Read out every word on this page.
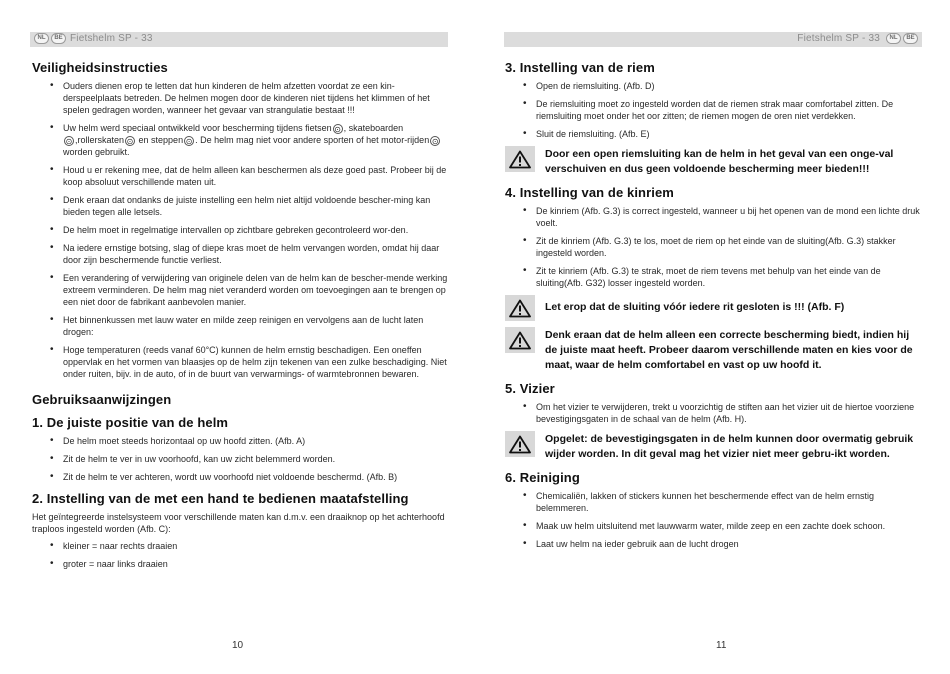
NL	BE Fietshelm SP - 33	Fietshelm SP - 33	NL	BE
Veiligheidsinstructies
• Ouders dienen erop te letten dat hun kinderen de helm afzetten voordat ze een kin-derspeelplaats betreden. De helmen mogen door de kinderen niet tijdens het klimmen of het spelen gedragen worden, wanneer het gevaar van strangulatie bestaat !!!
• Uw helm werd speciaal ontwikkeld voor bescherming tijdens fietsen ⊙ , skateboarden
⊙ ,rollerskaten ⊙ en steppen ⊙ . De helm mag niet voor andere sporten of het motor-rijden ⊙ worden gebruikt.
• Houd u er rekening mee, dat de helm alleen kan beschermen als deze goed past. Probeer bij de koop absoluut verschillende maten uit.
• Denk eraan dat ondanks de juiste instelling een helm niet altijd voldoende bescher-ming kan bieden tegen alle letsels.
• De helm moet in regelmatige intervallen op zichtbare gebreken gecontroleerd wor-den.
• Na iedere ernstige botsing, slag of diepe kras moet de helm vervangen worden, omdat hij daar door zijn beschermende functie verliest.
• Een verandering of verwijdering van originele delen van de helm kan de bescher-mende werking extreem verminderen. De helm mag niet veranderd worden om toevoegingen aan te brengen op een niet door de fabrikant aanbevolen manier.
• Het binnenkussen met lauw water en milde zeep reinigen en vervolgens aan de lucht laten drogen:
• Hoge temperaturen (reeds vanaf 60°C) kunnen de helm ernstig beschadigen. Een oneffen oppervlak en het vormen van blaasjes op de helm zijn tekenen van een zulke beschadiging. Niet onder ruiten, bijv. in de auto, of in de buurt van verwarmings- of warmtebronnen bewaren.
Gebruiksaanwijzingen
1. De juiste positie van de helm
• De helm moet steeds horizontaal op uw hoofd zitten. (Afb. A)
• Zit de helm te ver in uw voorhoofd, kan uw zicht belemmerd worden.
• Zit de helm te ver achteren, wordt uw voorhoofd niet voldoende beschermd. (Afb. B)
2. Instelling van de met een hand te bedienen maatafstelling

Het geïntegreerde instelsysteem voor verschillende maten kan d.m.v. een draaiknop op het achterhoofd traploos ingesteld worden (Afb. C):

• kleiner = naar rechts draaien
• groter = naar links draaien
10
3. Instelling van de riem
• Open de riemsluiting. (Afb. D)
• De riemsluiting moet zo ingesteld worden dat de riemen strak maar comfortabel zitten. De riemsluiting moet onder het oor zitten; de riemen mogen de oren niet verdekken.
• Sluit de riemsluiting. (Afb. E)
Door een open riemsluiting kan de helm in het geval van een onge-val verschuiven en dus geen voldoende bescherming meer bieden!!!
4. Instelling van de kinriem
• De kinriem (Afb. G.3) is correct ingesteld, wanneer u bij het openen van de mond een lichte druk voelt.
• Zit de kinriem (Afb. G.3) te los, moet de riem op het einde van de sluiting(Afb. G.3) stakker ingesteld worden.
• Zit te kinriem (Afb. G.3) te strak, moet de riem tevens met behulp van het einde van de sluiting(Afb. G32) losser ingesteld worden.
Let erop dat de sluiting vóór iedere rit gesloten is !!! (Afb. F)
Denk eraan dat de helm alleen een correcte bescherming biedt, indien hij de juiste maat heeft. Probeer daarom verschillende maten en kies voor de maat, waar de helm comfortabel en vast op uw hoofd it.
5. Vizier
• Om het vizier te verwijderen, trekt u voorzichtig de stiften aan het vizier uit de hiertoe voorziene bevestigingsgaten in de schaal van de helm (Afb. H).
Opgelet: de bevestigingsgaten in de helm kunnen door overmatig gebruik wijder worden. In dit geval mag het vizier niet meer gebru-ikt worden.
6. Reiniging
• Chemicaliën, lakken of stickers kunnen het beschermende effect van de helm ernstig belemmeren.
• Maak uw helm uitsluitend met lauwwarm water, milde zeep en een zachte doek schoon.
• Laat uw helm na ieder gebruik aan de lucht drogen
11
